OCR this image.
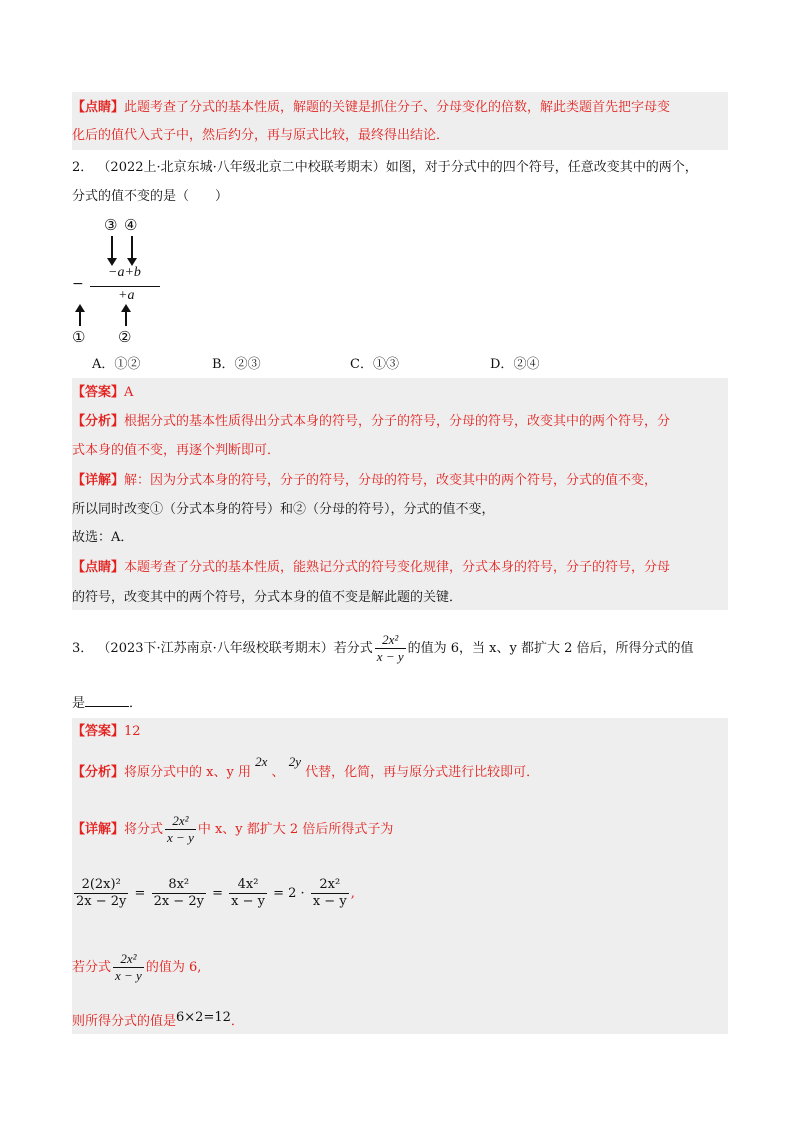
【点睛】此题考查了分式的基本性质，解题的关键是抓住分子、分母变化的倍数，解此类题首先把字母变
化后的值代入式子中，然后约分，再与原式比较，最终得出结论．
2． （2022上·北京东城·八年级北京二中校联考期末）如图，对于分式中的四个符号，任意改变其中的两个，
分式的值不变的是（　　）
③ ④
−a+b
−
+a
① ②
A．①②	B．②③	C．①③	D．②④
【答案】A
【分析】根据分式的基本性质得出分式本身的符号，分子的符号，分母的符号，改变其中的两个符号，分
式本身的值不变，再逐个判断即可．
【详解】解：因为分式本身的符号，分子的符号，分母的符号，改变其中的两个符号，分式的值不变，
所以同时改变①（分式本身的符号）和②（分母的符号），分式的值不变，
故选：A．
【点睛】本题考查了分式的基本性质，能熟记分式的符号变化规律，分式本身的符号，分子的符号，分母
的符号，改变其中的两个符号，分式本身的值不变是解此题的关键．
3． （2023下·江苏南京·八年级校联考期末）若分式 $\frac{\text{2x²}}{x - y}$ 的值为 6，当 x、y 都扩大 2 倍后，所得分式的值
是	．
【答案】12
【分析】将原分式中的 x、y 用 2x 、 2y 代替，化简，再与原分式进行比较即可．
【详解】将分式 $\frac{\text{2x²}}{x - y}$ 中 x、y 都扩大 2 倍后所得式子为
$\frac{\text{2(2x)²}}{2x - 2y} = \frac{\text{8x²}}{2x - 2y} = \frac{\text{4x²}}{x - y} = 2 \cdot \frac{\text{2x²}}{x - y}$ ,
若分式 $\frac{\text{2x²}}{x - y}$ 的值为 6,
则所得分式的值是6×2=12．
